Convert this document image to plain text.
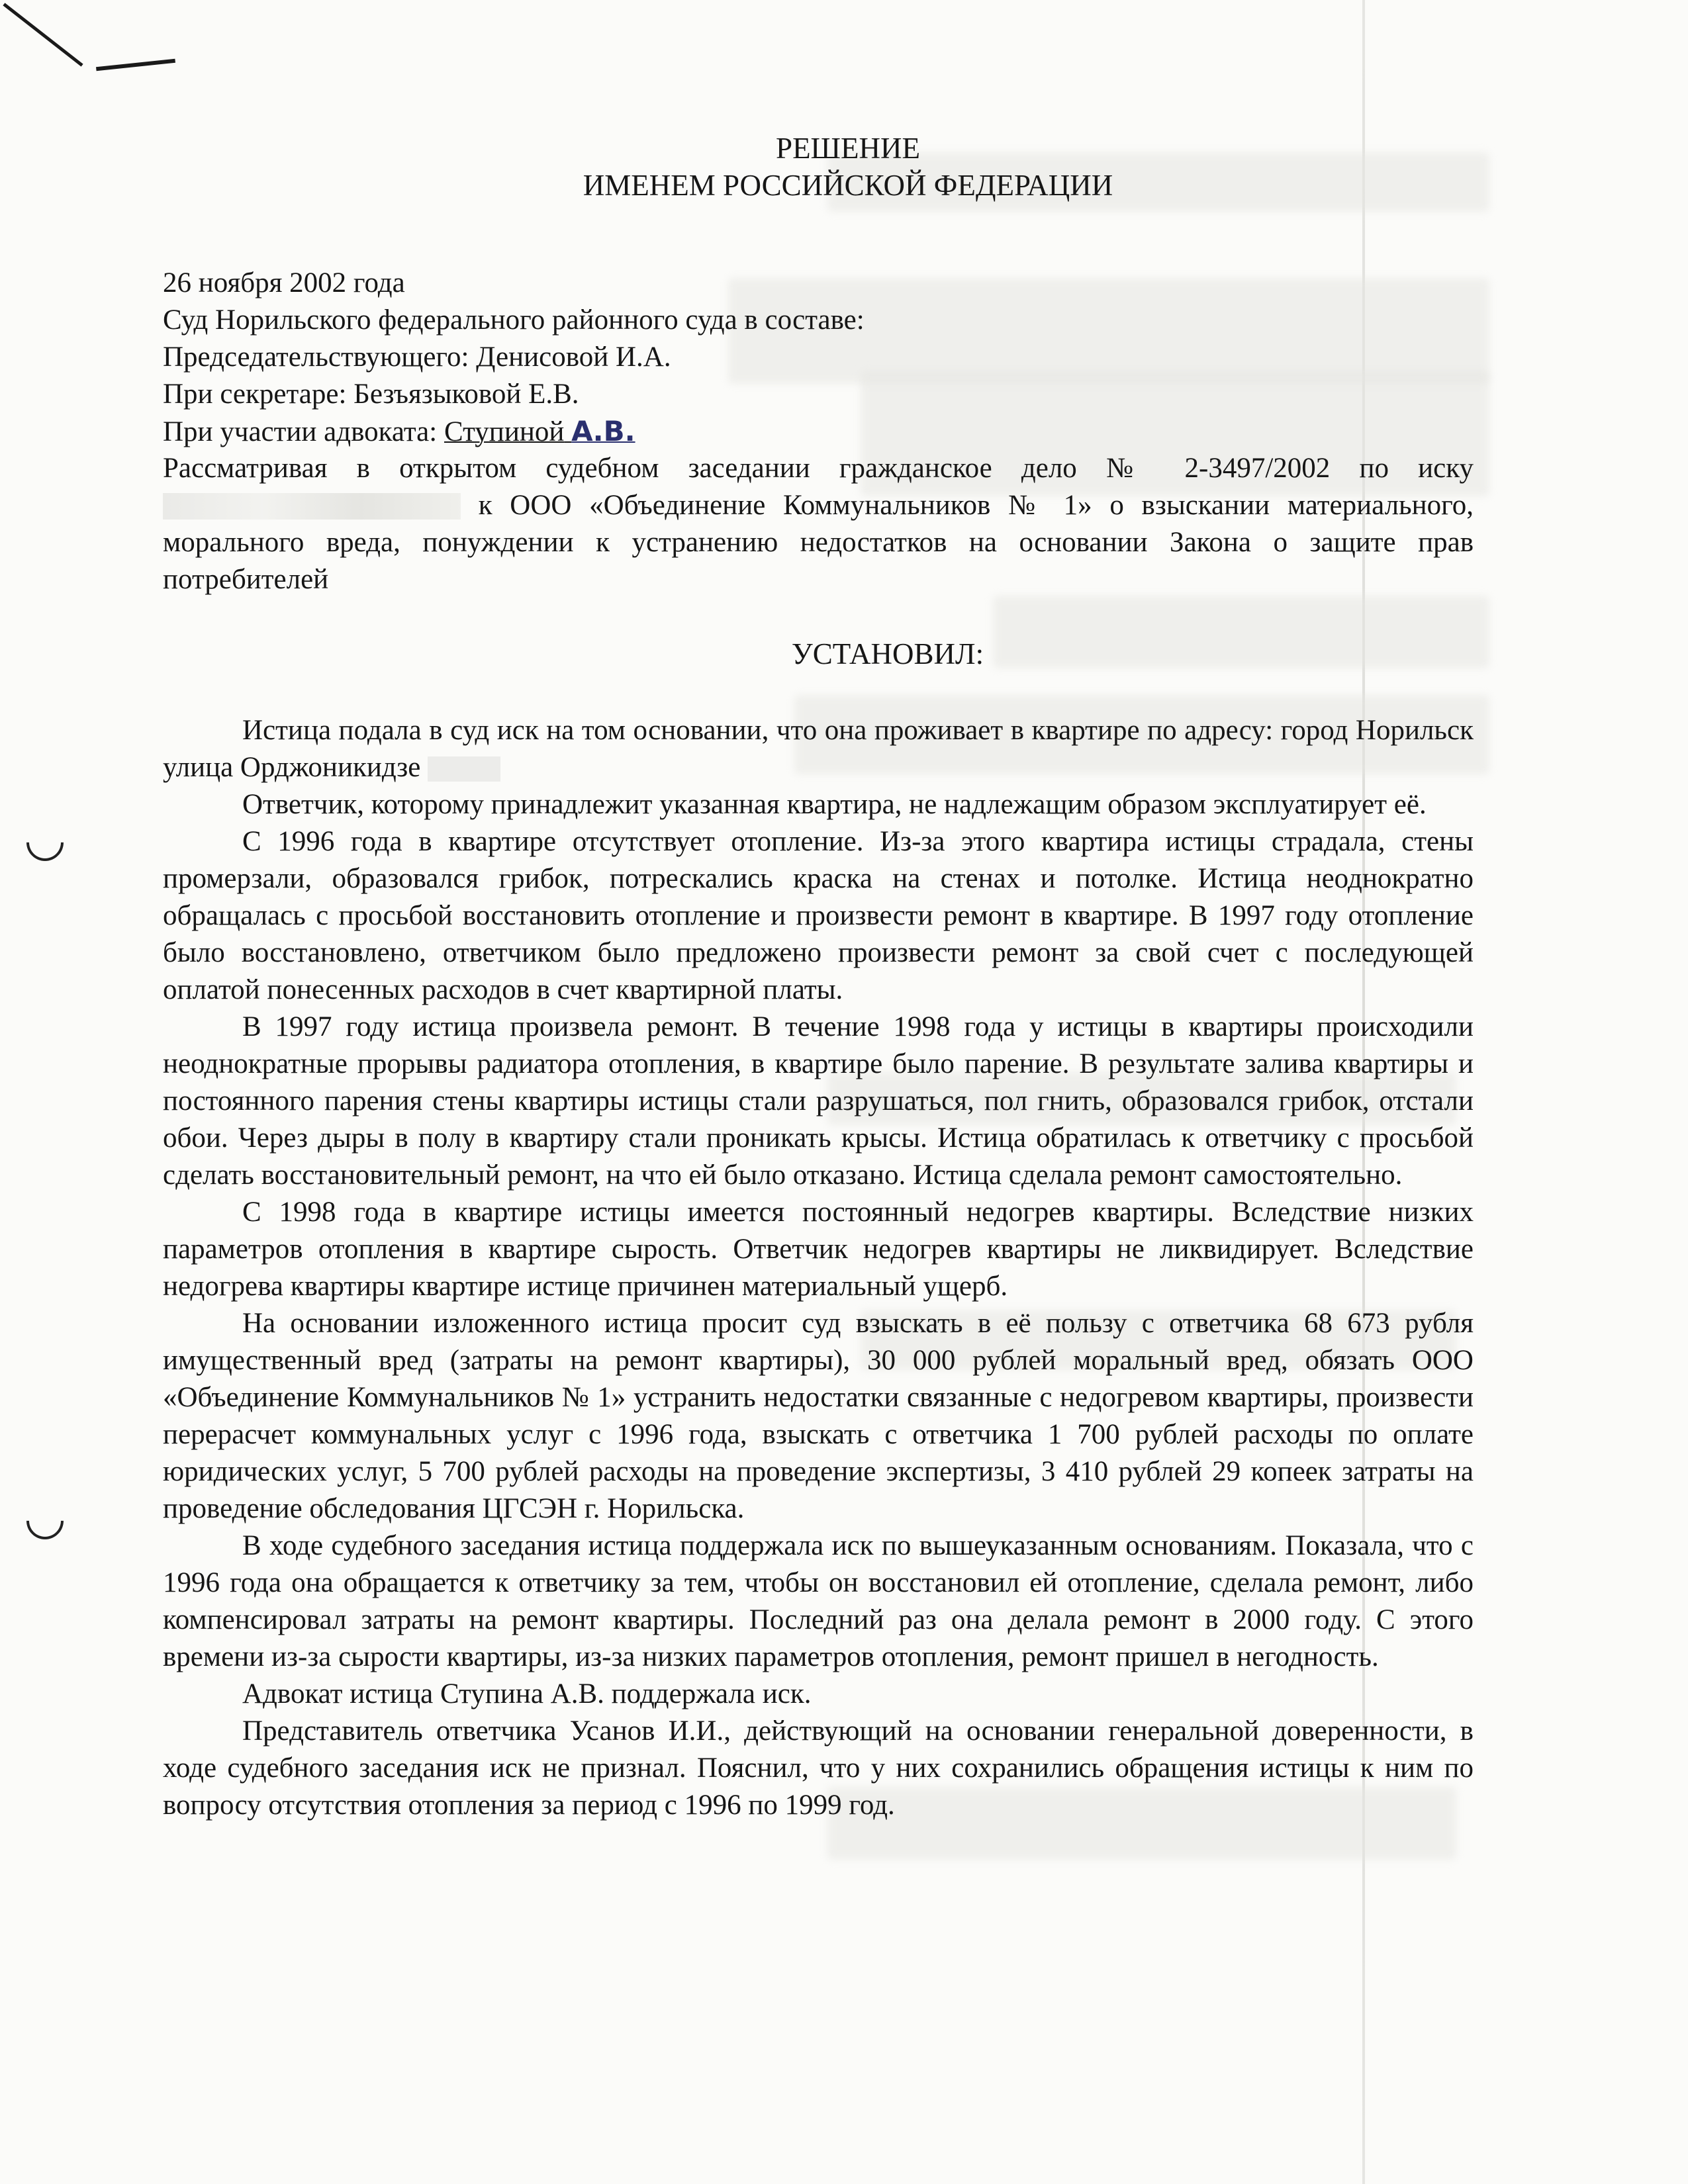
РЕШЕНИЕ
ИМЕНЕМ РОССИЙСКОЙ ФЕДЕРАЦИИ
26 ноября 2002 года
Суд Норильского федерального районного суда в составе:
Председательствующего: Денисовой И.А.
При секретаре: Безъязыковой Е.В.
При участии адвоката: Ступиной А.В.
Рассматривая в открытом судебном заседании гражданское дело № 2-3497/2002 по иску  к ООО «Объединение Коммунальников № 1» о взыскании материального, морального вреда, понуждении к устранению недостатков на основании Закона о защите прав потребителей
УСТАНОВИЛ:

Истица подала в суд иск на том основании, что она проживает в квартире по адресу: город Норильск улица Орджоникидзе

Ответчик, которому принадлежит указанная квартира, не надлежащим образом эксплуатирует её.

С 1996 года в квартире отсутствует отопление. Из-за этого квартира истицы страдала, стены промерзали, образовался грибок, потрескались краска на стенах и потолке. Истица неоднократно обращалась с просьбой восстановить отопление и произвести ремонт в квартире. В 1997 году отопление было восстановлено, ответчиком было предложено произвести ремонт за свой счет с последующей оплатой понесенных расходов в счет квартирной платы.

В 1997 году истица произвела ремонт. В течение 1998 года у истицы в квартиры происходили неоднократные прорывы радиатора отопления, в квартире было парение. В результате залива квартиры и постоянного парения стены квартиры истицы стали разрушаться, пол гнить, образовался грибок, отстали обои. Через дыры в полу в квартиру стали проникать крысы. Истица обратилась к ответчику с просьбой сделать восстановительный ремонт, на что ей было отказано. Истица сделала ремонт самостоятельно.

С 1998 года в квартире истицы имеется постоянный недогрев квартиры. Вследствие низких параметров отопления в квартире сырость. Ответчик недогрев квартиры не ликвидирует. Вследствие недогрева квартиры квартире истице причинен материальный ущерб.

На основании изложенного истица просит суд взыскать в её пользу с ответчика 68 673 рубля имущественный вред (затраты на ремонт квартиры), 30 000 рублей моральный вред, обязать ООО «Объединение Коммунальников № 1» устранить недостатки связанные с недогревом квартиры, произвести перерасчет коммунальных услуг с 1996 года, взыскать с ответчика 1 700 рублей расходы по оплате юридических услуг, 5 700 рублей расходы на проведение экспертизы, 3 410 рублей 29 копеек затраты на проведение обследования ЦГСЭН г. Норильска.

В ходе судебного заседания истица поддержала иск по вышеуказанным основаниям. Показала, что с 1996 года она обращается к ответчику за тем, чтобы он восстановил ей отопление, сделала ремонт, либо компенсировал затраты на ремонт квартиры. Последний раз она делала ремонт в 2000 году. С этого времени из-за сырости квартиры, из-за низких параметров отопления, ремонт пришел в негодность.

Адвокат истица Ступина А.В. поддержала иск.

Представитель ответчика Усанов И.И., действующий на основании генеральной доверенности, в ходе судебного заседания иск не признал. Пояснил, что у них сохранились обращения истицы к ним по вопросу отсутствия отопления за период с 1996 по 1999 год.
